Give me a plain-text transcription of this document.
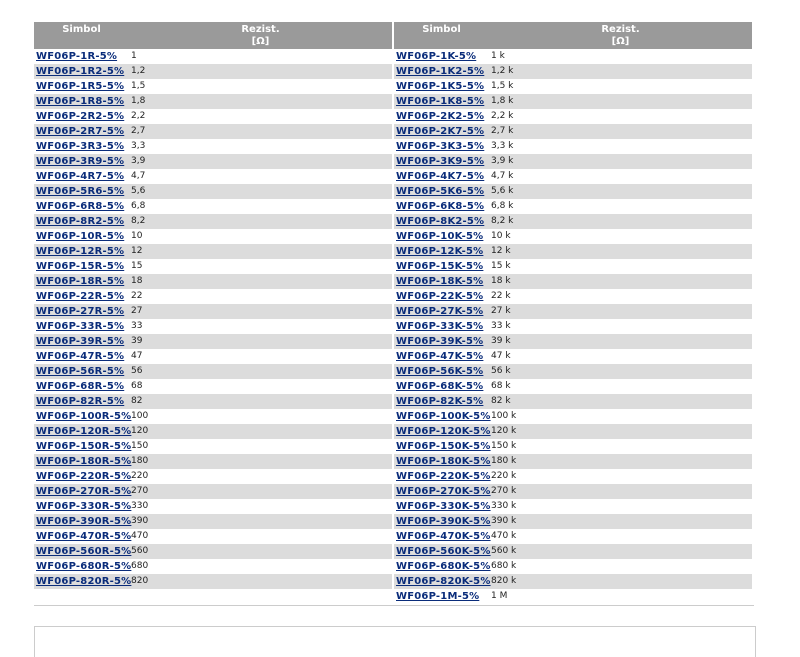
Simbol	Rezist.
[Ω]
WF06P-1R-5% 1
WF06P-1R2-5% 1,2
WF06P-1R5-5% 1,5
WF06P-1R8-5% 1,8
WF06P-2R2-5% 2,2
WF06P-2R7-5% 2,7
WF06P-3R3-5% 3,3
WF06P-3R9-5% 3,9
WF06P-4R7-5% 4,7
WF06P-5R6-5% 5,6
WF06P-6R8-5% 6,8
WF06P-8R2-5% 8,2
WF06P-10R-5% 10
WF06P-12R-5% 12
WF06P-15R-5% 15
WF06P-18R-5% 18
WF06P-22R-5% 22
WF06P-27R-5% 27
WF06P-33R-5% 33
WF06P-39R-5% 39
WF06P-47R-5% 47
WF06P-56R-5% 56
WF06P-68R-5% 68
WF06P-82R-5% 82
WF06P-100R-5% 100
WF06P-120R-5% 120
WF06P-150R-5% 150
WF06P-180R-5% 180
WF06P-220R-5% 220
WF06P-270R-5% 270
WF06P-330R-5% 330
WF06P-390R-5% 390
WF06P-470R-5% 470
WF06P-560R-5% 560
WF06P-680R-5% 680
WF06P-820R-5% 820
Simbol	Rezist.
[Ω]
WF06P-1K-5% 1 k
WF06P-1K2-5% 1,2 k
WF06P-1K5-5% 1,5 k
WF06P-1K8-5% 1,8 k
WF06P-2K2-5% 2,2 k
WF06P-2K7-5% 2,7 k
WF06P-3K3-5% 3,3 k
WF06P-3K9-5% 3,9 k
WF06P-4K7-5% 4,7 k
WF06P-5K6-5% 5,6 k
WF06P-6K8-5% 6,8 k
WF06P-8K2-5% 8,2 k
WF06P-10K-5% 10 k
WF06P-12K-5% 12 k
WF06P-15K-5% 15 k
WF06P-18K-5% 18 k
WF06P-22K-5% 22 k
WF06P-27K-5% 27 k
WF06P-33K-5% 33 k
WF06P-39K-5% 39 k
WF06P-47K-5% 47 k
WF06P-56K-5% 56 k
WF06P-68K-5% 68 k
WF06P-82K-5% 82 k
WF06P-100K-5% 100 k
WF06P-120K-5% 120 k
WF06P-150K-5% 150 k
WF06P-180K-5% 180 k
WF06P-220K-5% 220 k
WF06P-270K-5% 270 k
WF06P-330K-5% 330 k
WF06P-390K-5% 390 k
WF06P-470K-5% 470 k
WF06P-560K-5% 560 k
WF06P-680K-5% 680 k
WF06P-820K-5% 820 k
WF06P-1M-5% 1 M
